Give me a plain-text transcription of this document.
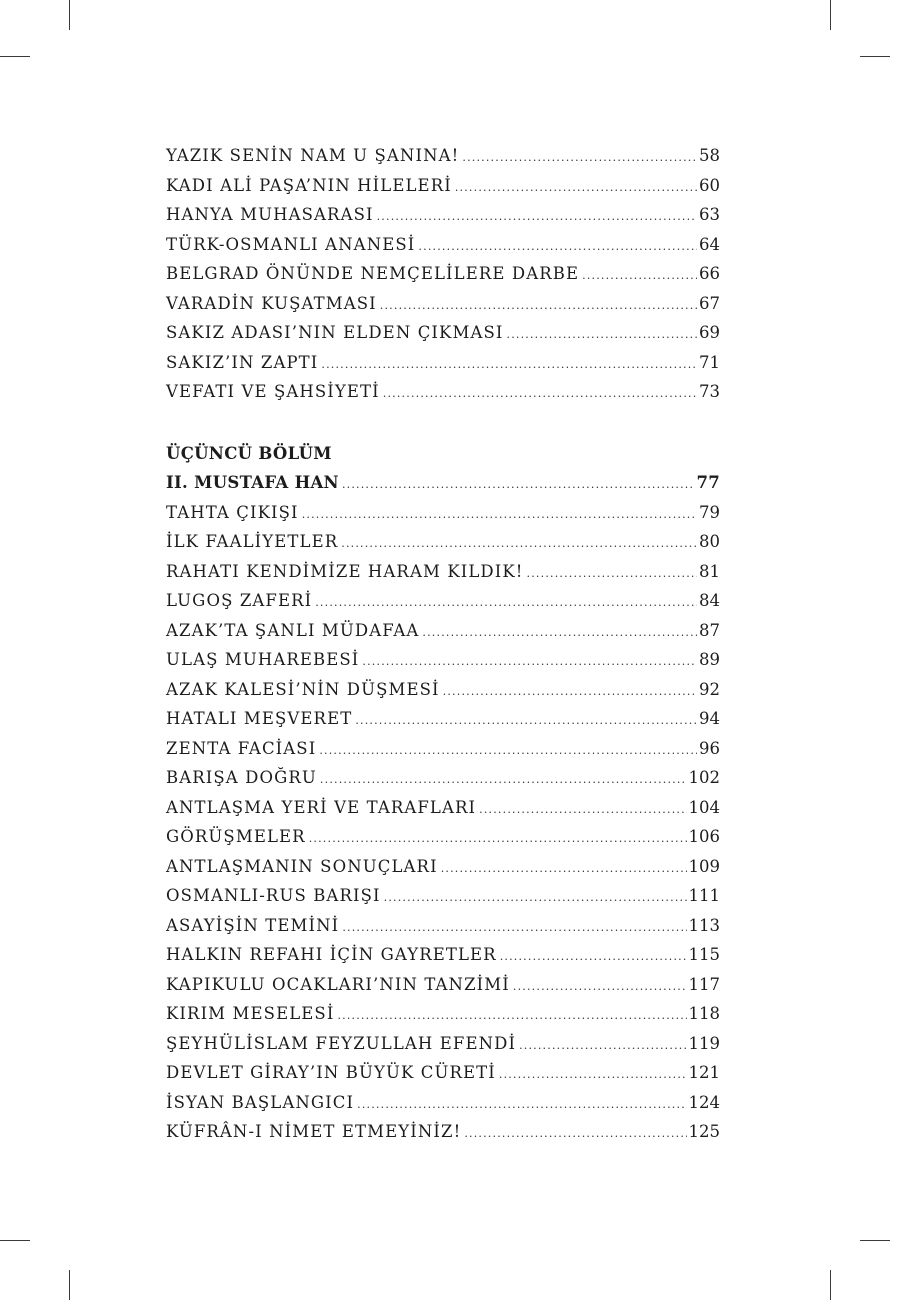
YAZIK SENİN NAM U ŞANINA! .....	58
KADI ALİ PAŞA’NIN HİLELERİ .....	60
HANYA MUHASARASI .....	63
TÜRK-OSMANLI ANANESİ .....	64
BELGRAD ÖNÜNDE NEMÇELİLERE DARBE .....	66
VARADİN KUŞATMASI .....	67
SAKIZ ADASI’NIN ELDEN ÇIKMASI .....	69
SAKIZ’IN ZAPTI .....	71
VEFATI VE ŞAHSİYETİ .....	73
ÜÇÜNCÜ BÖLÜM
II. MUSTAFA HAN .....	77
TAHTA ÇIKIŞI .....	79
İLK FAALİYETLER .....	80
RAHATI KENDİMİZE HARAM KILDIK! .....	81
LUGOŞ ZAFERİ .....	84
AZAK’TA ŞANLI MÜDAFAA .....	87
ULAŞ MUHAREBESİ .....	89
AZAK KALESİ’NİN DÜŞMESİ .....	92
HATALI MEŞVERET .....	94
ZENTA FACİASI .....	96
BARIŞA DOĞRU .....	102
ANTLAŞMA YERİ VE TARAFLARI .....	104
GÖRÜŞMELER .....	106
ANTLAŞMANIN SONUÇLARI .....	109
OSMANLI-RUS BARIŞI .....	111
ASAYİŞİN TEMİNİ .....	113
HALKIN REFAHI İÇİN GAYRETLER .....	115
KAPIKULU OCAKLARI’NIN TANZİMİ .....	117
KIRIM MESELESİ .....	118
ŞEYHÜLİSLAM FEYZULLAH EFENDİ .....	119
DEVLET GİRAY’IN BÜYÜK CÜRETİ .....	121
İSYAN BAŞLANGICI .....	124
KÜFRÂN-I NİMET ETMEYİNİZ! .....	125
